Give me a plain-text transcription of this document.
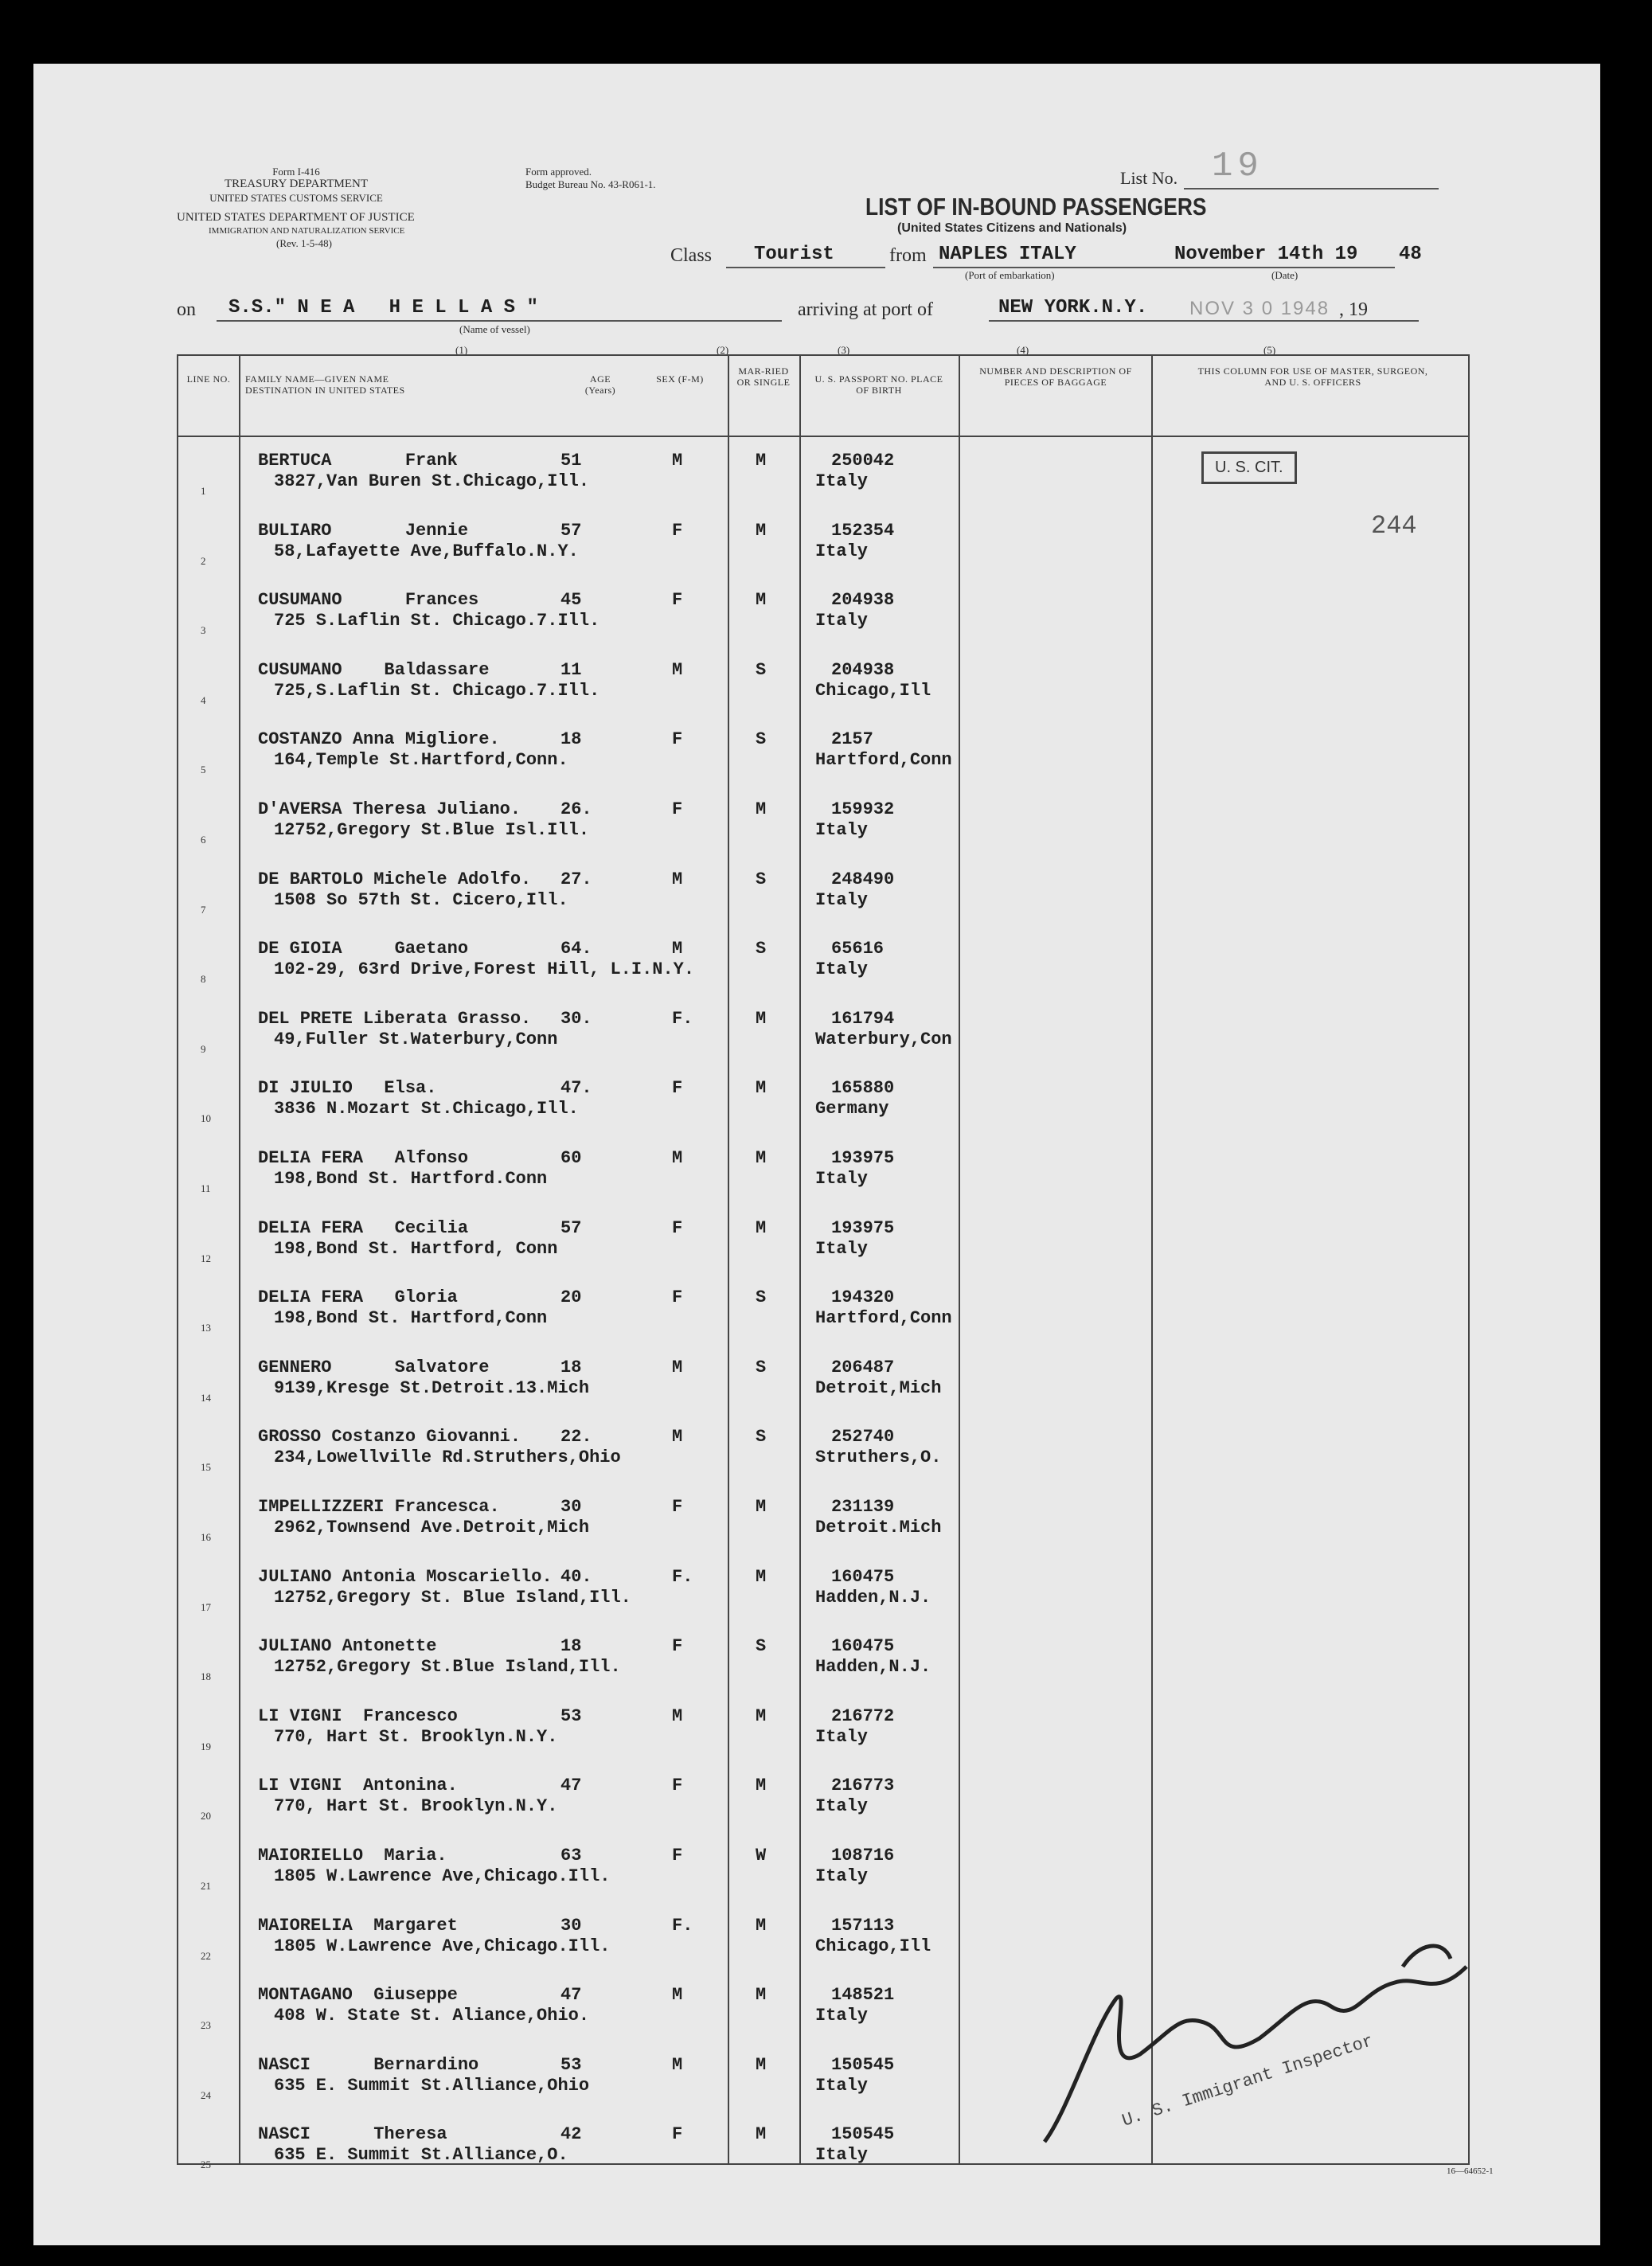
Form I-416
TREASURY DEPARTMENT
UNITED STATES CUSTOMS SERVICE
UNITED STATES DEPARTMENT OF JUSTICE
IMMIGRATION AND NATURALIZATION SERVICE
(Rev. 1-5-48)
Form approved.
Budget Bureau No. 43-R061-1.	List No. 19
LIST OF IN-BOUND PASSENGERS
(United States Citizens and Nationals)
Class Tourist	from NAPLES ITALY
(Port of embarkation)
November 14th 19 48
(Date)
on S.S." N E A   H E L L A S "
(Name of vessel)
arriving at port of	NEW YORK.N.Y. NOV 3 0 1948 , 19
(1)	(2)	(3)	(4)	(5)
LINE NO.	FAMILY NAME—GIVEN NAME DESTINATION IN UNITED STATES
AGE (Years)
SEX (F-M)
MAR-RIED OR SINGLE	U. S. PASSPORT NO. PLACE OF BIRTH
NUMBER AND DESCRIPTION OF PIECES OF BAGGAGE
THIS COLUMN FOR USE OF MASTER, SURGEON, AND U. S. OFFICERS
1
BERTUCA       Frank	51	M	M	250042
3827,Van Buren St.Chicago,Ill.	Italy
2
BULIARO       Jennie	57	F	M	152354
58,Lafayette Ave,Buffalo.N.Y.	Italy
3
CUSUMANO      Frances	45	F	M	204938
725 S.Laflin St. Chicago.7.Ill.	Italy
4
CUSUMANO    Baldassare	11	M	S	204938
725,S.Laflin St. Chicago.7.Ill.	Chicago,Ill
5
COSTANZO Anna Migliore.	18	F	S	2157
164,Temple St.Hartford,Conn.	Hartford,Conn
6
D'AVERSA Theresa Juliano. 26.	F	M	159932
12752,Gregory St.Blue Isl.Ill.	Italy
7
DE BARTOLO Michele Adolfo. 27.	M	S	248490
1508 So 57th St. Cicero,Ill.	Italy
8
DE GIOIA     Gaetano	64.	M	S	65616
102-29, 63rd Drive,Forest Hill, L.I.N.Y.	Italy
9
DEL PRETE Liberata Grasso. 30.	F.	M	161794
49,Fuller St.Waterbury,Conn	Waterbury,Con
10
DI JIULIO   Elsa.	47.	F	M	165880
3836 N.Mozart St.Chicago,Ill.	Germany
11
DELIA FERA   Alfonso	60	M	M	193975
198,Bond St. Hartford.Conn	Italy
12
DELIA FERA   Cecilia	57	F	M	193975
198,Bond St. Hartford, Conn	Italy
13
DELIA FERA   Gloria	20	F	S	194320
198,Bond St. Hartford,Conn	Hartford,Conn
14
GENNERO      Salvatore	18	M	S	206487
9139,Kresge St.Detroit.13.Mich	Detroit,Mich
15
GROSSO Costanzo Giovanni. 22.	M	S	252740
234,Lowellville Rd.Struthers,Ohio	Struthers,O.
16
IMPELLIZZERI Francesca.	30	F	M	231139
2962,Townsend Ave.Detroit,Mich	Detroit.Mich
17
JULIANO Antonia Moscariello. 40.	F.	M	160475
12752,Gregory St. Blue Island,Ill.	Hadden,N.J.
18
JULIANO Antonette	18	F	S	160475
12752,Gregory St.Blue Island,Ill.	Hadden,N.J.
19
LI VIGNI  Francesco	53	M	M	216772
770, Hart St. Brooklyn.N.Y.	Italy
20
LI VIGNI  Antonina.	47	F	M	216773
770, Hart St. Brooklyn.N.Y.	Italy
21
MAIORIELLO  Maria.	63	F	W	108716
1805 W.Lawrence Ave,Chicago.Ill.	Italy
22
MAIORELIA  Margaret	30	F.	M	157113
1805 W.Lawrence Ave,Chicago.Ill.	Chicago,Ill
23
MONTAGANO  Giuseppe	47	M	M	148521
408 W. State St. Aliance,Ohio.	Italy
24
NASCI      Bernardino	53	M	M	150545
635 E. Summit St.Alliance,Ohio	Italy
25
NASCI      Theresa	42	F	M	150545
635 E. Summit St.Alliance,O.	Italy
U. S. CIT.
244
U. S. Immigrant Inspector
16—64652-1
